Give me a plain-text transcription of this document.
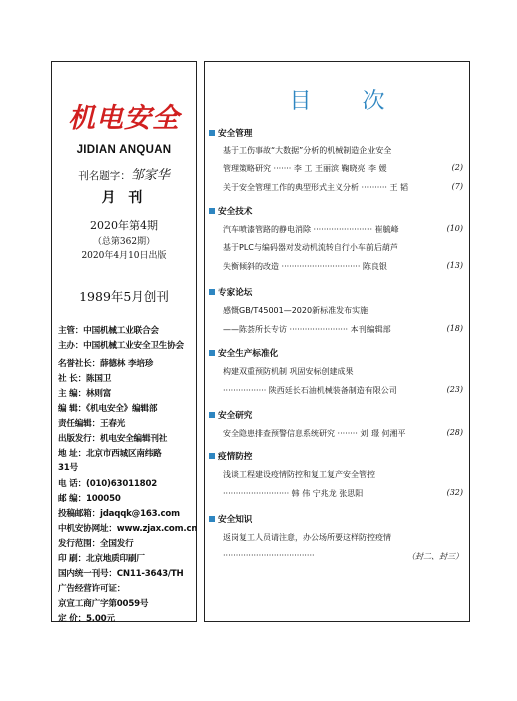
机电安全
JIDIAN ANQUAN
刊名题字：邹家华
月 刊
2020年第4期
（总第362期）
2020年4月10日出版
1989年5月创刊
主管：中国机械工业联合会
主办：中国机械工业安全卫生协会
名誉社长：薛德林 李培珍
社 长：陈国卫
主 编：林则富
编 辑：《机电安全》编辑部
责任编辑：王春光
出版发行：机电安全编辑刊社
地 址：北京市西城区南纬路
31号
电 话：(010)63011802
邮 编：100050
投稿邮箱：jdaqqk@163.com
中机安协网址：www.zjax.com.cn
发行范围：全国发行
印 刷：北京地质印刷厂
国内统一刊号：CN11-3643/TH
广告经营许可证：
京宣工商广字第0059号
定 价：5.00元
目 次
安全管理
基于工伤事故“大数据”分析的机械制造企业安全
管理策略研究 ······· 李 工 王丽滨 鞠晓亮 李 媛	(2)
关于安全管理工作的典型形式主义分析 ·········· 王 韬	(7)
安全技术
汽车喷漆管路的静电消除 ······················· 崔毓峰	(10)
基于PLC与编码器对发动机流转自行小车前后葫芦
失衡倾斜的改造 ······························· 陈良银	(13)
专家论坛
感慨GB/T45001—2020新标准发布实施
——陈荟所长专访 ······················· 本刊编辑部	(18)
安全生产标准化
构建双重预防机制 巩固安标创建成果
················· 陕西廷长石油机械装备制造有限公司	(23)
安全研究
安全隐患排查预警信息系统研究 ········ 刘 璟 何湘平	(28)
疫情防控
浅谈工程建设疫情防控和复工复产安全管控
·························· 韩 伟 宁兆龙 张思阳	(32)
安全知识
返岗复工人员请注意，办公场所要这样防控疫情
····································	（封二、封三）
